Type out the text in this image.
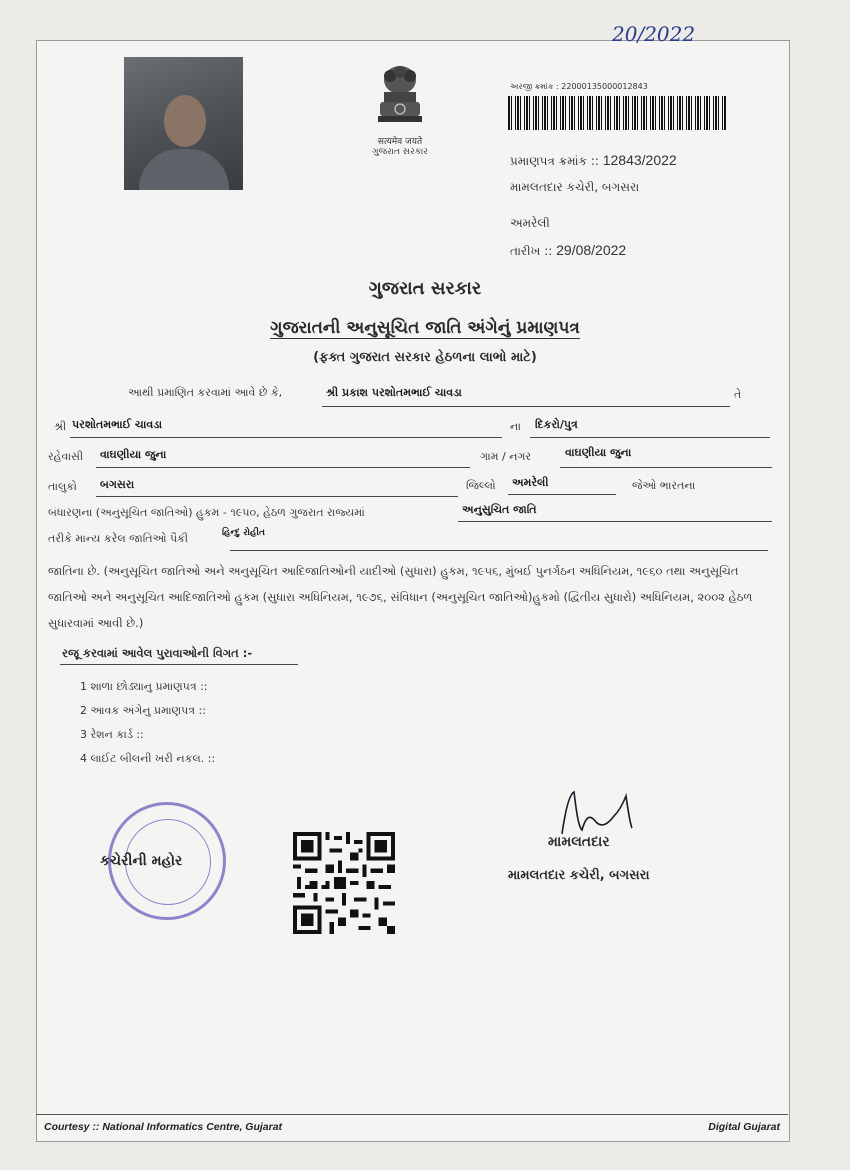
20/2022
सत्यमेव जयते
ગુજરાત સરકાર
અરજી ક્રમાંક : 22000135000012843
પ્રમાણપત્ર ક્રમાંક :: 12843/2022
મામલતદાર કચેરી, બગસરા
અમરેલી
તારીખ :: 29/08/2022
ગુજરાત સરકાર
ગુજરાતની અનુસૂચિત જાતિ અંગેનું પ્રમાણપત્ર
(ફક્ત ગુજરાત સરકાર હેઠળના લાભો માટે)
આથી પ્રમાણિત કરવામાં આવે છે કે,	શ્રી પ્રકાશ પરશોતમભાઈ ચાવડા	તે
શ્રી પરશોતમભાઈ ચાવડા	ના દિકરો/પુત્ર
રહેવાસી વાઘણીયા જુના	ગામ / નગર	વાઘણીયા જુના
તાલુકો બગસરા	જિલ્લો અમરેલી	જેઓ ભારતના
બંધારણના (અનુસૂચિત જાતિઓ) હુકમ - ૧૯૫૦, હેઠળ ગુજરાત રાજ્યમાં	અનુસુચિત જાતિ
તરીકે માન્ય કરેલ જાતિઓ પૈકી	હિન્દુ રોહીત
જાતિના છે. (અનુસૂચિત જાતિઓ અને અનુસૂચિત આદિજાતિઓની યાદીઓ (સુધારા) હુકમ, ૧૯૫૬, મુંબઈ પુનર્ગઠન અધિનિયમ, ૧૯૬૦ તથા અનુસૂચિત જાતિઓ અને અનુસૂચિત આદિજાતિઓ હુકમ (સુધારા અધિનિયમ, ૧૯૭૬, સંવિધાન (અનુસૂચિત જાતિઓ)હુકમો (દ્વિતીય સુધારો) અધિનિયમ, ૨૦૦૨ હેઠળ સુધારવામાં આવી છે.)
રજૂ કરવામાં આવેલ પુરાવાઓની વિગત :-
1 શાળા છોડ્યાનુ પ્રમાણપત્ર ::
2 આવક અંગેનુ પ્રમાણપત્ર ::
3 રેશન કાર્ડ ::
4 લાઈટ બીલની ખરી નકલ. ::
કચેરીની મહોર
મામલતદાર
મામલતદાર કચેરી, બગસરા
Courtesy :: National Informatics Centre, Gujarat	Digital Gujarat
